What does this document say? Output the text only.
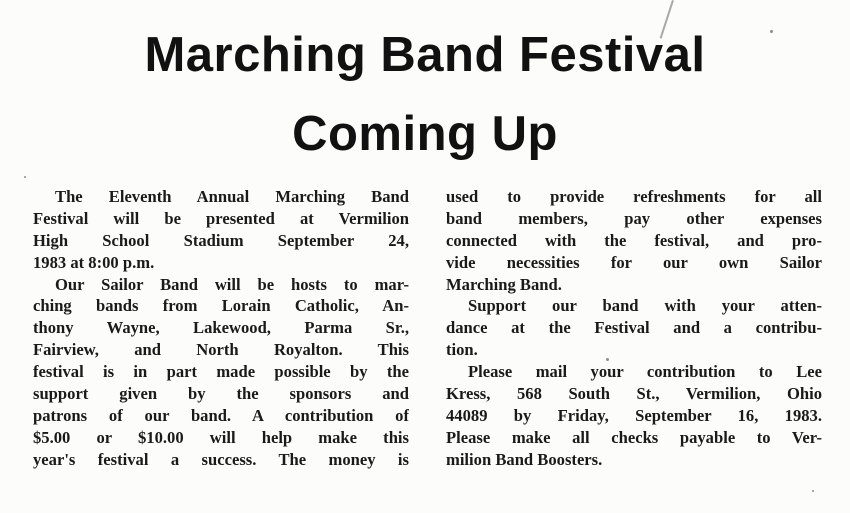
Marching Band Festival
Coming Up
The Eleventh Annual Marching Band
Festival will be presented at Vermilion
High School Stadium September 24,
1983 at 8:00 p.m.
Our Sailor Band will be hosts to mar-
ching bands from Lorain Catholic, An-
thony Wayne, Lakewood, Parma Sr.,
Fairview, and North Royalton. This
festival is in part made possible by the
support given by the sponsors and
patrons of our band. A contribution of
$5.00 or $10.00 will help make this
year's festival a success. The money is
used to provide refreshments for all
band members, pay other expenses
connected with the festival, and pro-
vide necessities for our own Sailor
Marching Band.
Support our band with your atten-
dance at the Festival and a contribu-
tion.
Please mail your contribution to Lee
Kress, 568 South St., Vermilion, Ohio
44089 by Friday, September 16, 1983.
Please make all checks payable to Ver-
milion Band Boosters.
